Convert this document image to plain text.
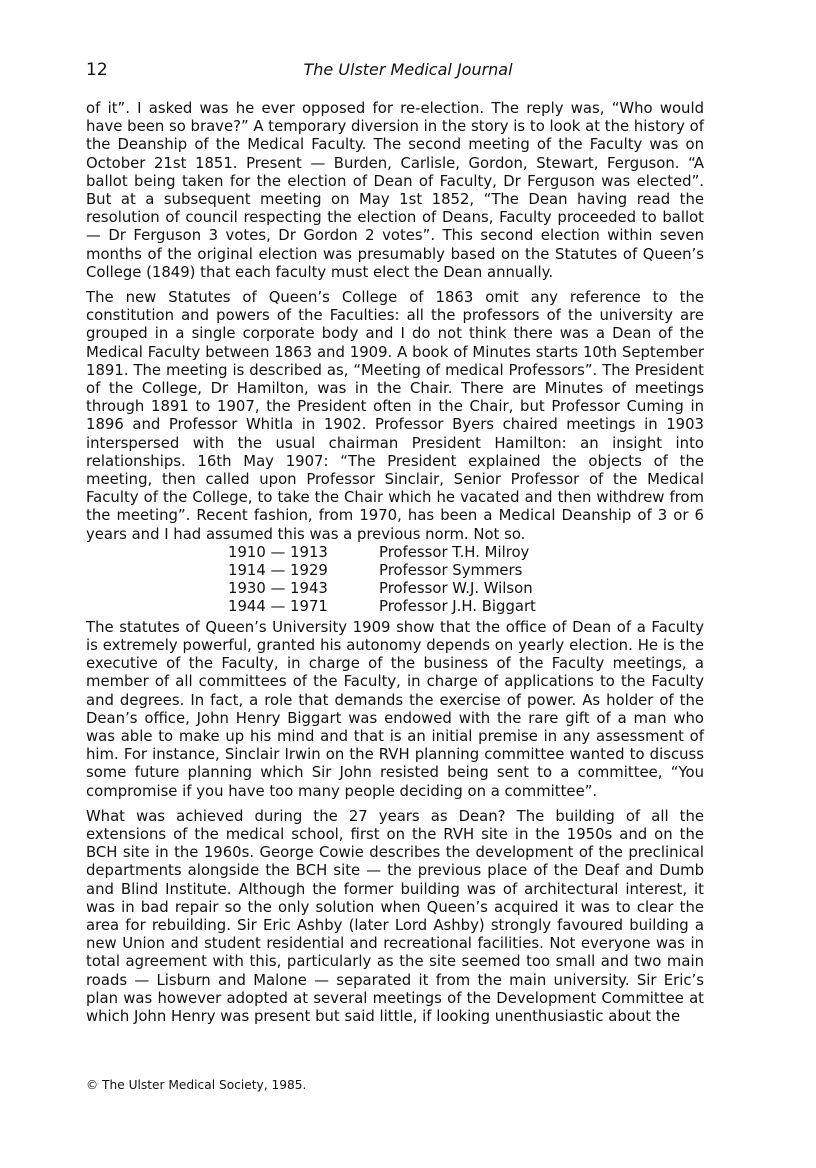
12	The Ulster Medical Journal

of it”. I asked was he ever opposed for re-election. The reply was, “Who would have been so brave?” A temporary diversion in the story is to look at the history of the Deanship of the Medical Faculty. The second meeting of the Faculty was on October 21st 1851. Present — Burden, Carlisle, Gordon, Stewart, Ferguson. “A ballot being taken for the election of Dean of Faculty, Dr Ferguson was elected”. But at a subsequent meeting on May 1st 1852, “The Dean having read the resolution of council respecting the election of Deans, Faculty proceeded to ballot — Dr Ferguson 3 votes, Dr Gordon 2 votes”. This second election within seven months of the original election was presumably based on the Statutes of Queen’s College (1849) that each faculty must elect the Dean annually.

The new Statutes of Queen’s College of 1863 omit any reference to the constitution and powers of the Faculties: all the professors of the university are grouped in a single corporate body and I do not think there was a Dean of the Medical Faculty between 1863 and 1909. A book of Minutes starts 10th September 1891. The meeting is described as, “Meeting of medical Professors”. The President of the College, Dr Hamilton, was in the Chair. There are Minutes of meetings through 1891 to 1907, the President often in the Chair, but Professor Cuming in 1896 and Professor Whitla in 1902. Professor Byers chaired meetings in 1903 interspersed with the usual chairman President Hamilton: an insight into relationships. 16th May 1907: “The President explained the objects of the meeting, then called upon Professor Sinclair, Senior Professor of the Medical Faculty of the College, to take the Chair which he vacated and then withdrew from the meeting”. Recent fashion, from 1970, has been a Medical Deanship of 3 or 6 years and I had assumed this was a previous norm. Not so.

1910 — 1913	Professor T.H. Milroy
1914 — 1929	Professor Symmers
1930 — 1943	Professor W.J. Wilson
1944 — 1971	Professor J.H. Biggart

The statutes of Queen’s University 1909 show that the office of Dean of a Faculty is extremely powerful, granted his autonomy depends on yearly election. He is the executive of the Faculty, in charge of the business of the Faculty meetings, a member of all committees of the Faculty, in charge of applications to the Faculty and degrees. In fact, a role that demands the exercise of power. As holder of the Dean’s office, John Henry Biggart was endowed with the rare gift of a man who was able to make up his mind and that is an initial premise in any assessment of him. For instance, Sinclair Irwin on the RVH planning committee wanted to discuss some future planning which Sir John resisted being sent to a committee, “You compromise if you have too many people deciding on a committee”.

What was achieved during the 27 years as Dean? The building of all the extensions of the medical school, first on the RVH site in the 1950s and on the BCH site in the 1960s. George Cowie describes the development of the preclinical departments alongside the BCH site — the previous place of the Deaf and Dumb and Blind Institute. Although the former building was of architectural interest, it was in bad repair so the only solution when Queen’s acquired it was to clear the area for rebuilding. Sir Eric Ashby (later Lord Ashby) strongly favoured building a new Union and student residential and recreational facilities. Not everyone was in total agreement with this, particularly as the site seemed too small and two main roads — Lisburn and Malone — separated it from the main university. Sir Eric’s plan was however adopted at several meetings of the Development Committee at which John Henry was present but said little, if looking unenthusiastic about the

© The Ulster Medical Society, 1985.
